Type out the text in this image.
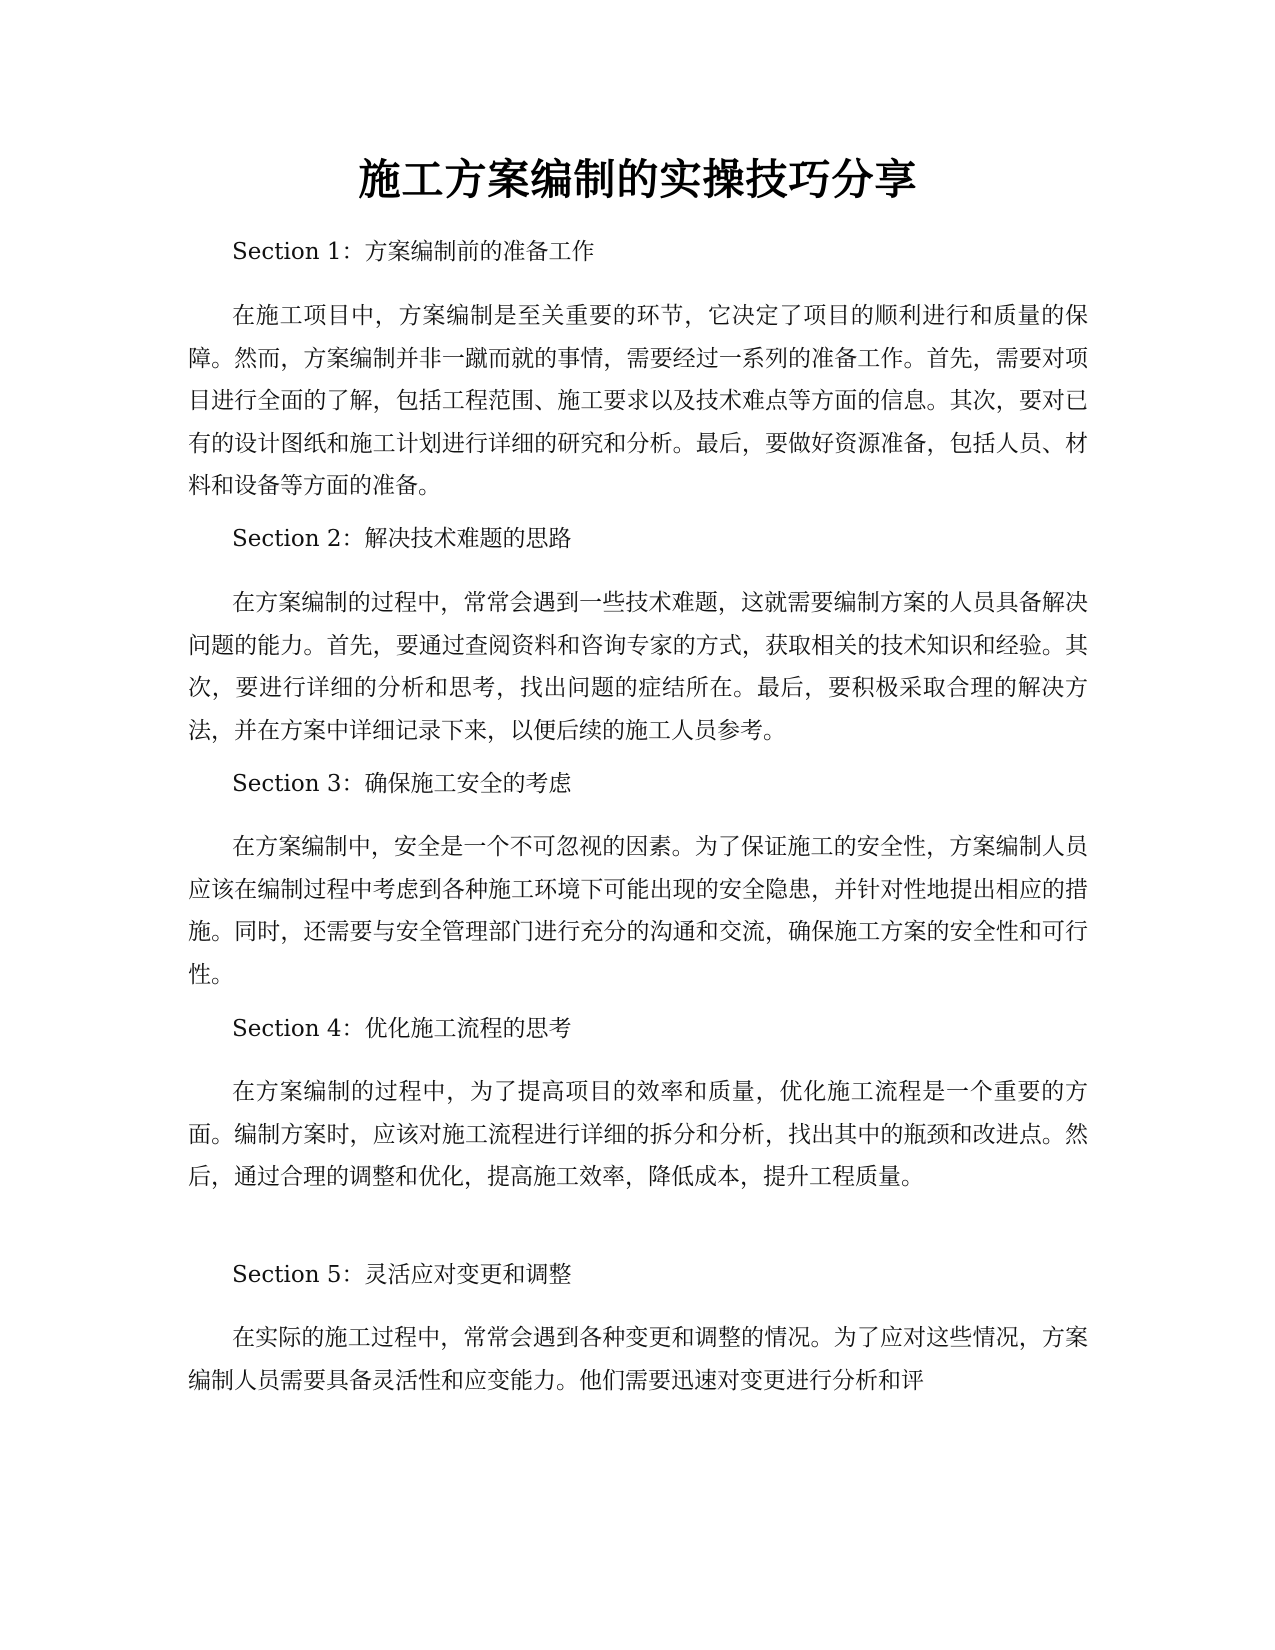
施工方案编制的实操技巧分享
Section 1：方案编制前的准备工作

在施工项目中，方案编制是至关重要的环节，它决定了项目的顺利进行和质量的保障。然而，方案编制并非一蹴而就的事情，需要经过一系列的准备工作。首先，需要对项目进行全面的了解，包括工程范围、施工要求以及技术难点等方面的信息。其次，要对已有的设计图纸和施工计划进行详细的研究和分析。最后，要做好资源准备，包括人员、材料和设备等方面的准备。

Section 2：解决技术难题的思路

在方案编制的过程中，常常会遇到一些技术难题，这就需要编制方案的人员具备解决问题的能力。首先，要通过查阅资料和咨询专家的方式，获取相关的技术知识和经验。其次，要进行详细的分析和思考，找出问题的症结所在。最后，要积极采取合理的解决方法，并在方案中详细记录下来，以便后续的施工人员参考。

Section 3：确保施工安全的考虑

在方案编制中，安全是一个不可忽视的因素。为了保证施工的安全性，方案编制人员应该在编制过程中考虑到各种施工环境下可能出现的安全隐患，并针对性地提出相应的措施。同时，还需要与安全管理部门进行充分的沟通和交流，确保施工方案的安全性和可行性。

Section 4：优化施工流程的思考

在方案编制的过程中，为了提高项目的效率和质量，优化施工流程是一个重要的方面。编制方案时，应该对施工流程进行详细的拆分和分析，找出其中的瓶颈和改进点。然后，通过合理的调整和优化，提高施工效率，降低成本，提升工程质量。

Section 5：灵活应对变更和调整

在实际的施工过程中，常常会遇到各种变更和调整的情况。为了应对这些情况，方案编制人员需要具备灵活性和应变能力。他们需要迅速对变更进行分析和评
